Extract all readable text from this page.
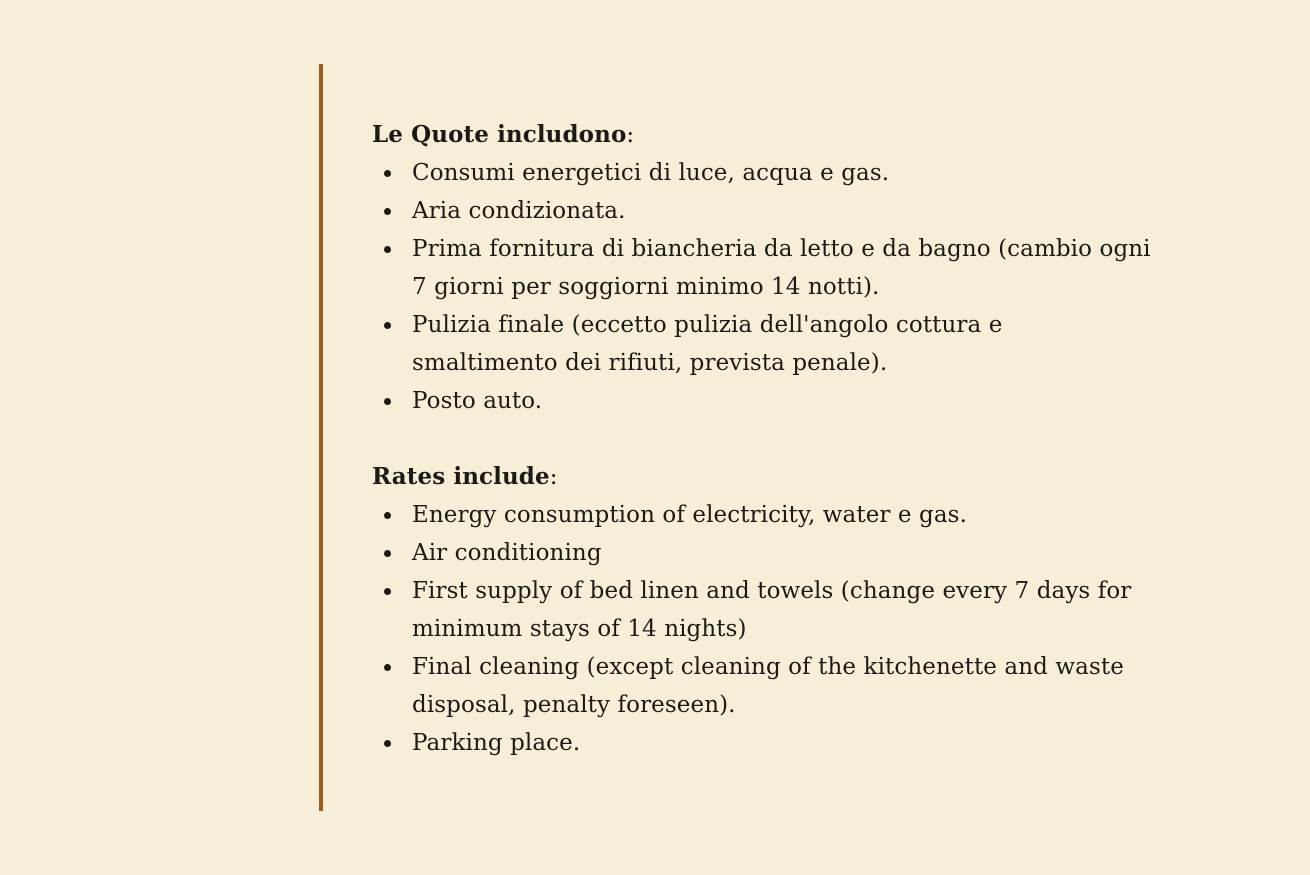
Le Quote includono:

Consumi energetici di luce, acqua e gas.
Aria condizionata.
Prima fornitura di biancheria da letto e da bagno (cambio ogni 7 giorni per soggiorni minimo 14 notti).
Pulizia finale (eccetto pulizia dell'angolo cottura e smaltimento dei rifiuti, prevista penale).
Posto auto.

Rates include:

Energy consumption of electricity, water e gas.
Air conditioning
First supply of bed linen and towels (change every 7 days for minimum stays of 14 nights)
Final cleaning (except cleaning of the kitchenette and waste disposal, penalty foreseen).
Parking place.
